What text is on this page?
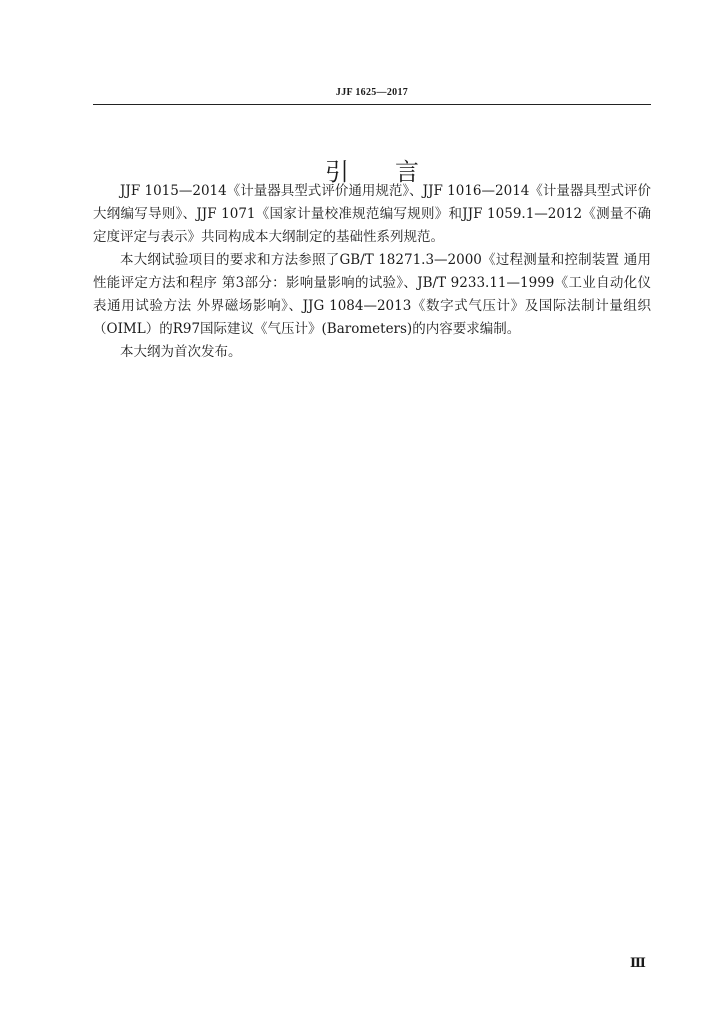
JJF 1625—2017
引言

JJF 1015—2014《计量器具型式评价通用规范》、JJF 1016—2014《计量器具型式评价大纲编写导则》、JJF 1071《国家计量校准规范编写规则》和JJF 1059.1—2012《测量不确定度评定与表示》共同构成本大纲制定的基础性系列规范。

本大纲试验项目的要求和方法参照了GB/T 18271.3—2000《过程测量和控制装置 通用性能评定方法和程序 第3部分：影响量影响的试验》、JB/T 9233.11—1999《工业自动化仪表通用试验方法 外界磁场影响》、JJG 1084—2013《数字式气压计》及国际法制计量组织（OIML）的R97国际建议《气压计》(Barometers)的内容要求编制。

本大纲为首次发布。

Ⅲ
